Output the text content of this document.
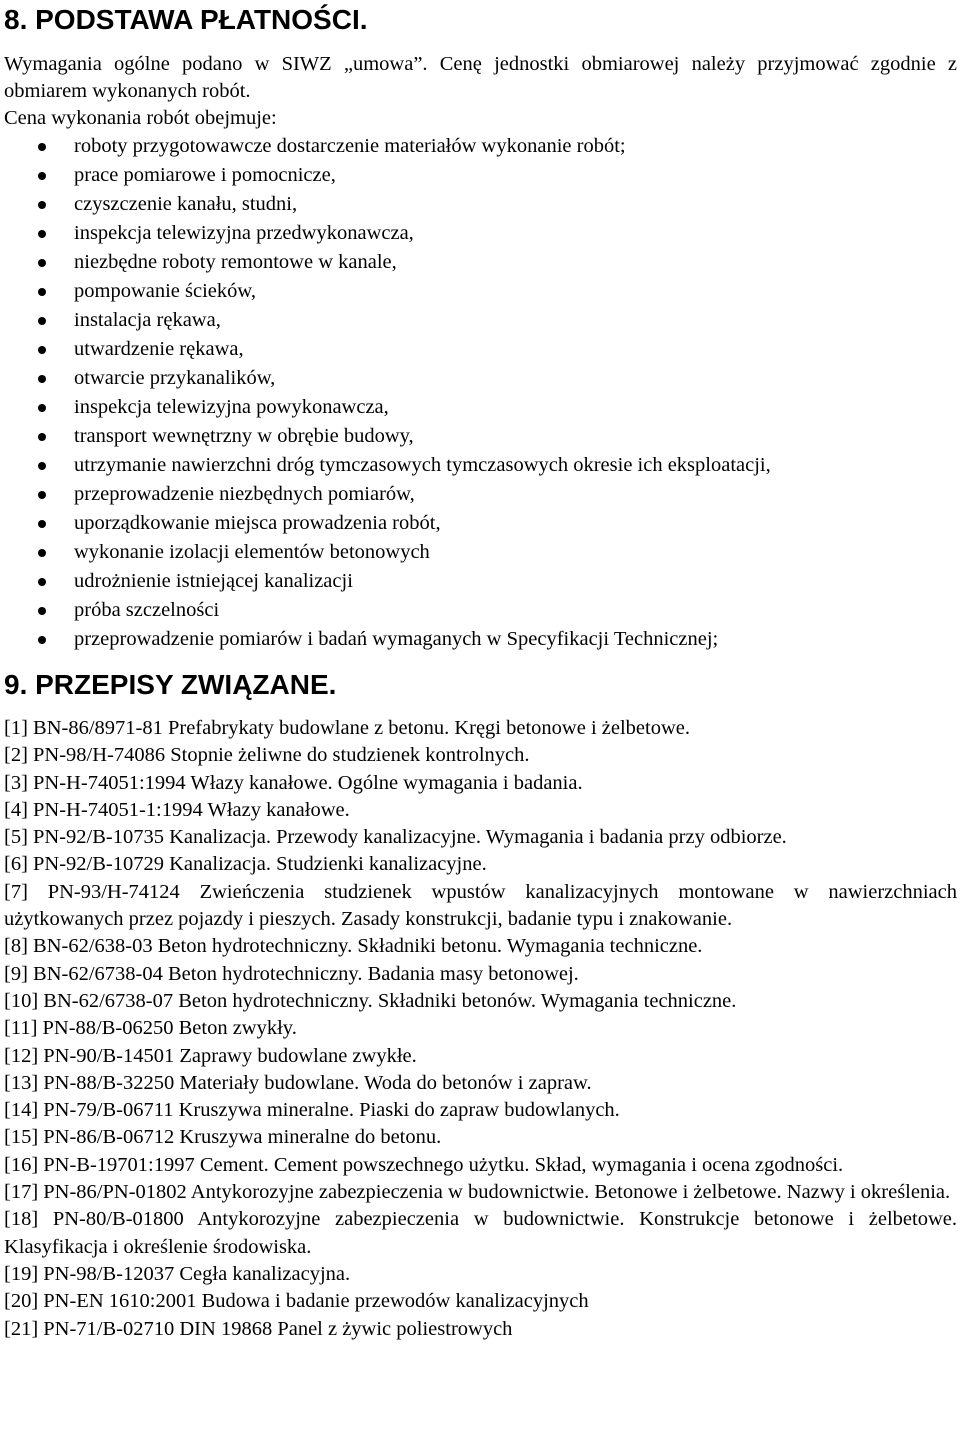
8. PODSTAWA PŁATNOŚCI.

Wymagania ogólne podano w SIWZ „umowa”. Cenę jednostki obmiarowej należy przyjmować zgodnie z obmiarem wykonanych robót.

Cena wykonania robót obejmuje:

roboty przygotowawcze dostarczenie materiałów wykonanie robót;
prace pomiarowe i pomocnicze,
czyszczenie kanału, studni,
inspekcja telewizyjna przedwykonawcza,
niezbędne roboty remontowe w kanale,
pompowanie ścieków,
instalacja rękawa,
utwardzenie rękawa,
otwarcie przykanalików,
inspekcja telewizyjna powykonawcza,
transport wewnętrzny w obrębie budowy,
utrzymanie nawierzchni dróg tymczasowych tymczasowych okresie ich eksploatacji,
przeprowadzenie niezbędnych pomiarów,
uporządkowanie miejsca prowadzenia robót,
wykonanie izolacji elementów betonowych
udrożnienie istniejącej kanalizacji
próba szczelności
przeprowadzenie pomiarów i badań wymaganych w Specyfikacji Technicznej;
9. PRZEPISY ZWIĄZANE.
[1] BN-86/8971-81 Prefabrykaty budowlane z betonu. Kręgi betonowe i żelbetowe.
[2] PN-98/H-74086 Stopnie żeliwne do studzienek kontrolnych.
[3] PN-H-74051:1994 Włazy kanałowe. Ogólne wymagania i badania.
[4] PN-H-74051-1:1994 Włazy kanałowe.
[5] PN-92/B-10735 Kanalizacja. Przewody kanalizacyjne. Wymagania i badania przy odbiorze.
[6] PN-92/B-10729 Kanalizacja. Studzienki kanalizacyjne.
[7] PN-93/H-74124 Zwieńczenia studzienek wpustów kanalizacyjnych montowane w nawierzchniach użytkowanych przez pojazdy i pieszych. Zasady konstrukcji, badanie typu i znakowanie.
[8] BN-62/638-03 Beton hydrotechniczny. Składniki betonu. Wymagania techniczne.
[9] BN-62/6738-04 Beton hydrotechniczny. Badania masy betonowej.
[10] BN-62/6738-07 Beton hydrotechniczny. Składniki betonów. Wymagania techniczne.
[11] PN-88/B-06250 Beton zwykły.
[12] PN-90/B-14501 Zaprawy budowlane zwykłe.
[13] PN-88/B-32250 Materiały budowlane. Woda do betonów i zapraw.
[14] PN-79/B-06711 Kruszywa mineralne. Piaski do zapraw budowlanych.
[15] PN-86/B-06712 Kruszywa mineralne do betonu.
[16] PN-B-19701:1997 Cement. Cement powszechnego użytku. Skład, wymagania i ocena zgodności.
[17] PN-86/PN-01802 Antykorozyjne zabezpieczenia w budownictwie. Betonowe i żelbetowe. Nazwy i określenia.
[18] PN-80/B-01800 Antykorozyjne zabezpieczenia w budownictwie. Konstrukcje betonowe i żelbetowe. Klasyfikacja i określenie środowiska.
[19] PN-98/B-12037 Cegła kanalizacyjna.
[20] PN-EN 1610:2001 Budowa i badanie przewodów kanalizacyjnych
[21] PN-71/B-02710 DIN 19868 Panel z żywic poliestrowych
